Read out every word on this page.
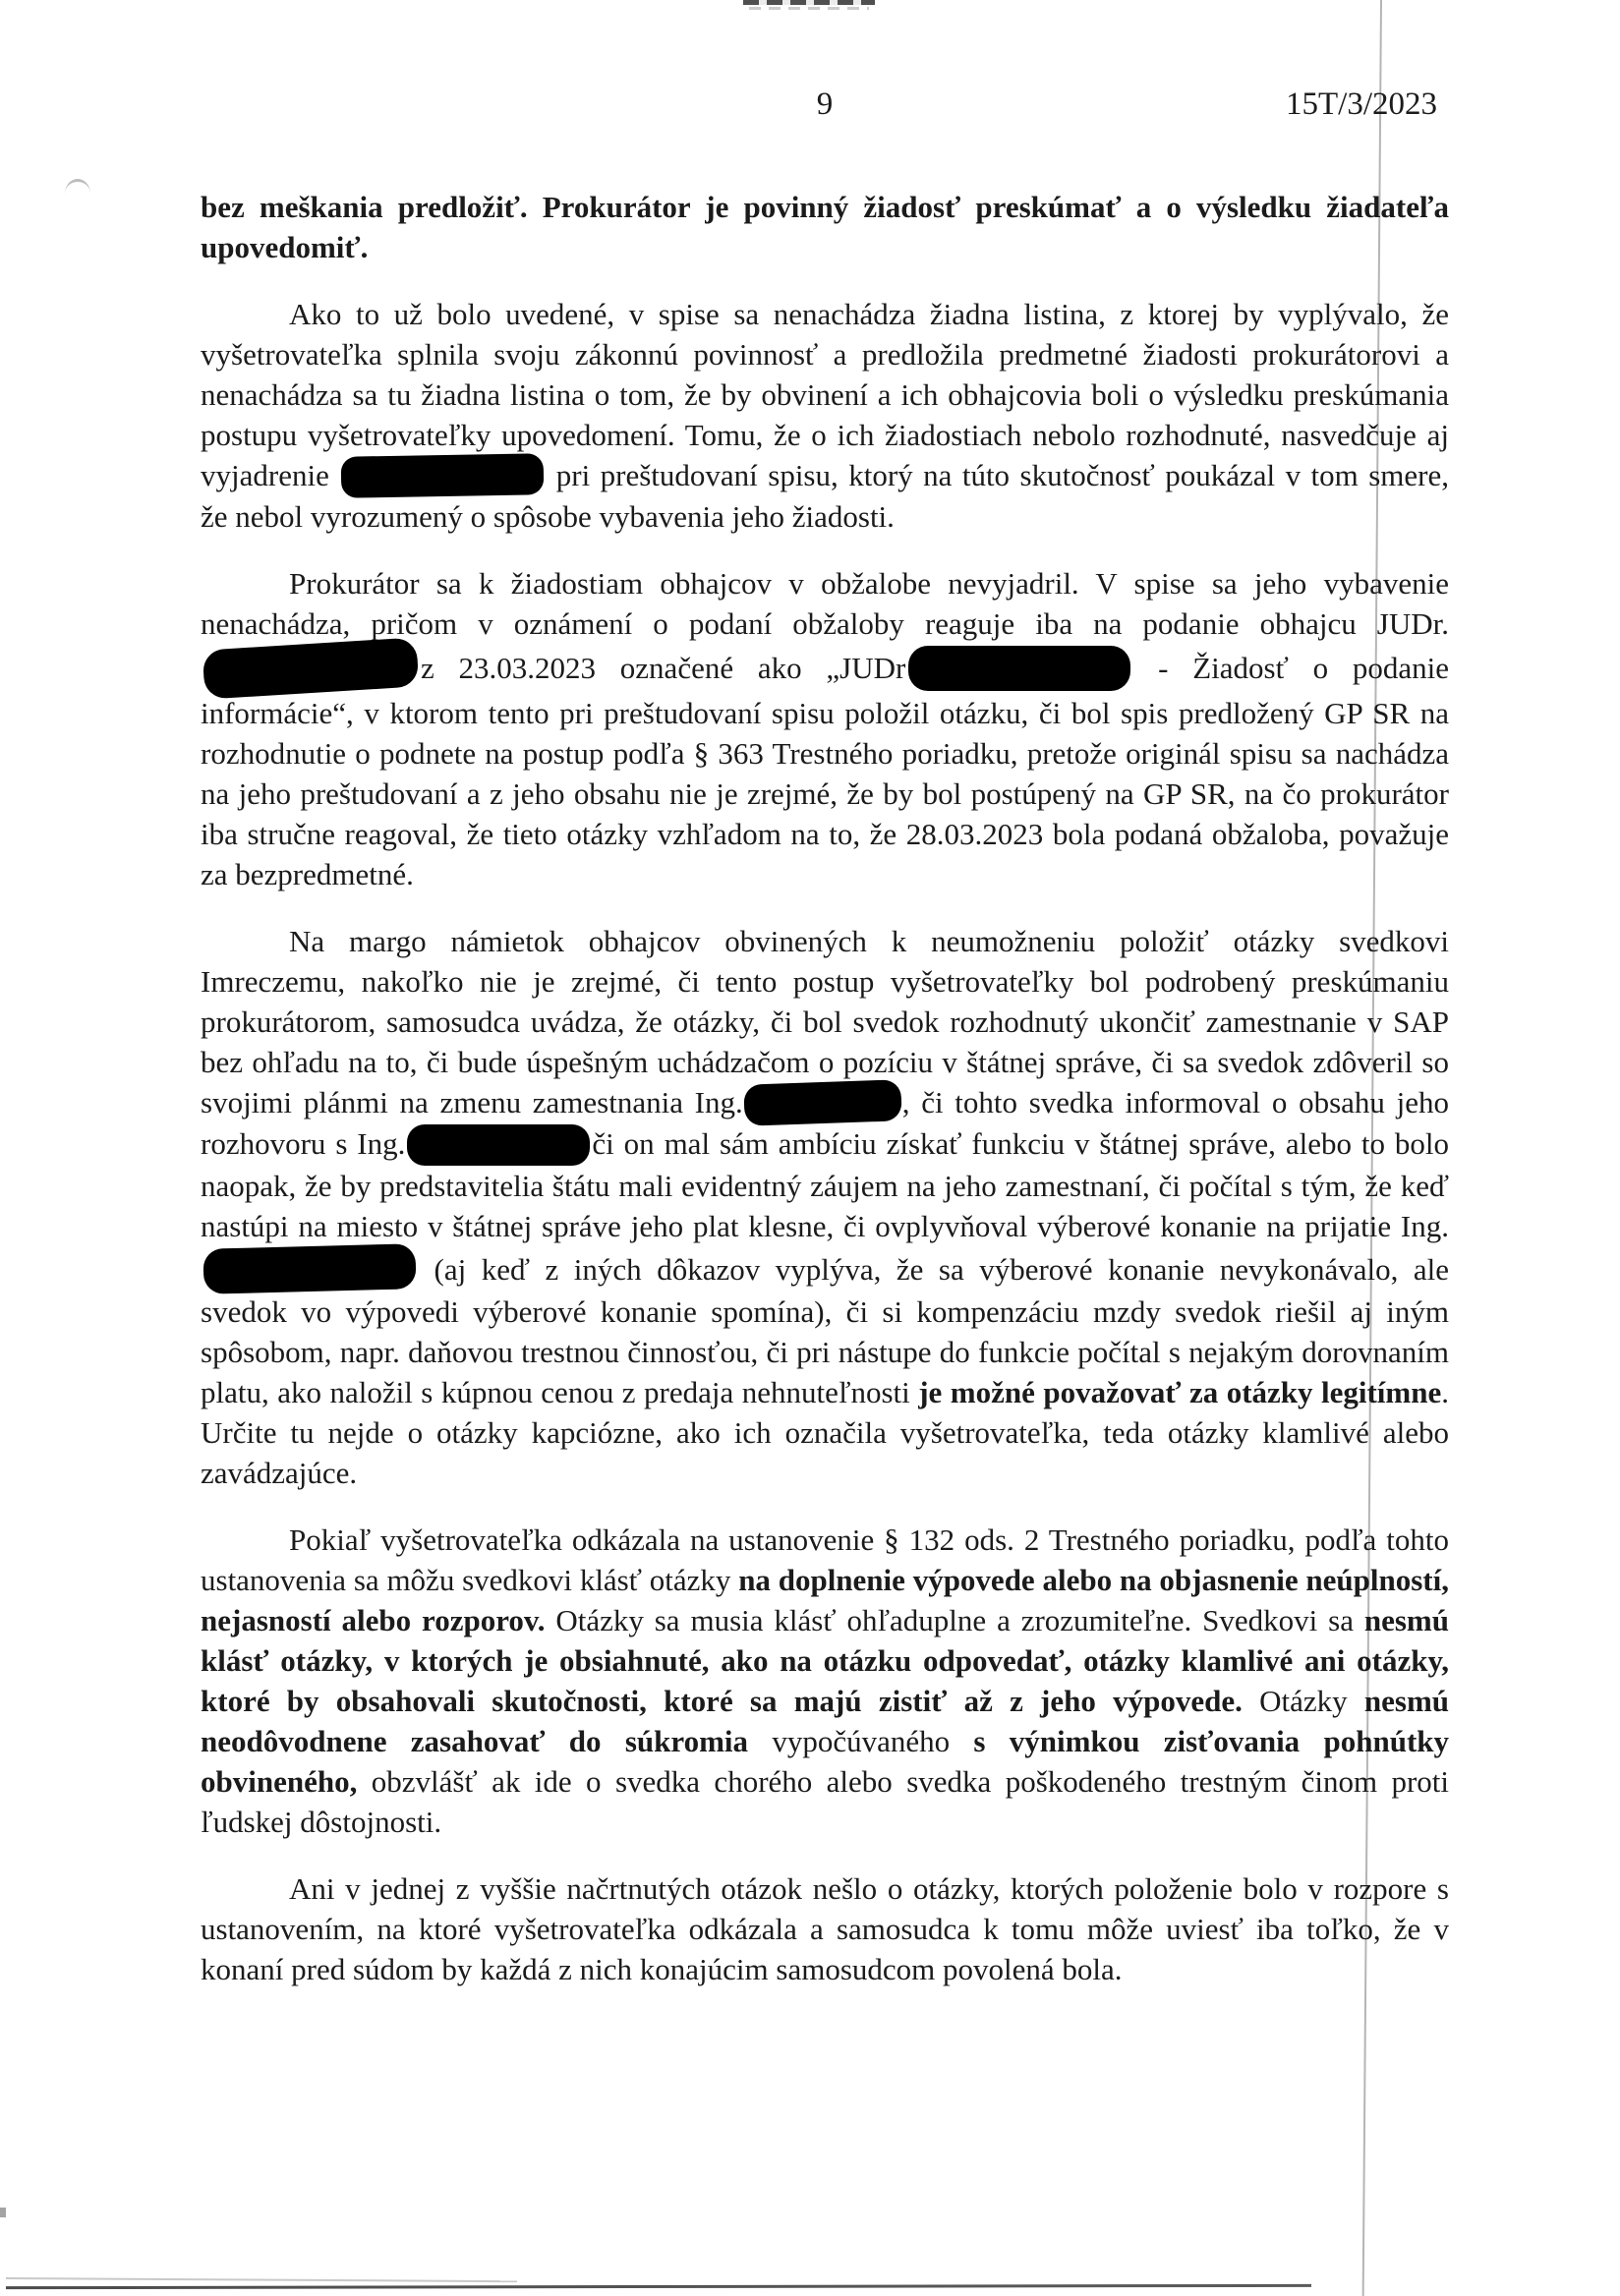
9	15T/3/2023

bez meškania predložiť. Prokurátor je povinný žiadosť preskúmať a o výsledku žiadateľa upovedomiť.

Ako to už bolo uvedené, v spise sa nenachádza žiadna listina, z ktorej by vyplývalo, že vyšetrovateľka splnila svoju zákonnú povinnosť a predložila predmetné žiadosti prokurátorovi a nenachádza sa tu žiadna listina o tom, že by obvinení a ich obhajcovia boli o výsledku preskúmania postupu vyšetrovateľky upovedomení. Tomu, že o ich žiadostiach nebolo rozhodnuté, nasvedčuje aj vyjadrenie	pri preštudovaní spisu, ktorý na túto skutočnosť poukázal v tom smere, že nebol vyrozumený o spôsobe vybavenia jeho žiadosti.

Prokurátor sa k žiadostiam obhajcov v obžalobe nevyjadril. V spise sa jeho vybavenie nenachádza, pričom v oznámení o podaní obžaloby reaguje iba na podanie obhajcu JUDr.z 23.03.2023 označené ako „JUDr	- Žiadosť o podanie informácie“, v ktorom tento pri preštudovaní spisu položil otázku, či bol spis predložený GP SR na rozhodnutie o podnete na postup podľa § 363 Trestného poriadku, pretože originál spisu sa nachádza na jeho preštudovaní a z jeho obsahu nie je zrejmé, že by bol postúpený na GP SR, na čo prokurátor iba stručne reagoval, že tieto otázky vzhľadom na to, že 28.03.2023 bola podaná obžaloba, považuje za bezpredmetné.

Na margo námietok obhajcov obvinených k neumožneniu položiť otázky svedkovi Imreczemu, nakoľko nie je zrejmé, či tento postup vyšetrovateľky bol podrobený preskúmaniu prokurátorom, samosudca uvádza, že otázky, či bol svedok rozhodnutý ukončiť zamestnanie v SAP bez ohľadu na to, či bude úspešným uchádzačom o pozíciu v štátnej správe, či sa svedok zdôveril so svojimi plánmi na zmenu zamestnania Ing.	, či tohto svedka informoval o obsahu jeho rozhovoru s Ing.	či on mal sám ambíciu získať funkciu v štátnej správe, alebo to bolo naopak, že by predstavitelia štátu mali evidentný záujem na jeho zamestnaní, či počítal s tým, že keď nastúpi na miesto v štátnej správe jeho plat klesne, či ovplyvňoval výberové konanie na prijatie Ing.  (aj keď z iných dôkazov vyplýva, že sa výberové konanie nevykonávalo, ale svedok vo výpovedi výberové konanie spomína), či si kompenzáciu mzdy svedok riešil aj iným spôsobom, napr. daňovou trestnou činnosťou, či pri nástupe do funkcie počítal s nejakým dorovnaním platu, ako naložil s kúpnou cenou z predaja nehnuteľnosti je možné považovať za otázky legitímne. Určite tu nejde o otázky kapciózne, ako ich označila vyšetrovateľka, teda otázky klamlivé alebo zavádzajúce.

Pokiaľ vyšetrovateľka odkázala na ustanovenie § 132 ods. 2 Trestného poriadku, podľa tohto ustanovenia sa môžu svedkovi klásť otázky na doplnenie výpovede alebo na objasnenie neúplností, nejasností alebo rozporov. Otázky sa musia klásť ohľaduplne a zrozumiteľne. Svedkovi sa nesmú klásť otázky, v ktorých je obsiahnuté, ako na otázku odpovedať, otázky klamlivé ani otázky, ktoré by obsahovali skutočnosti, ktoré sa majú zistiť až z jeho výpovede. Otázky nesmú neodôvodnene zasahovať do súkromia vypočúvaného s výnimkou zisťovania pohnútky obvineného, obzvlášť ak ide o svedka chorého alebo svedka poškodeného trestným činom proti ľudskej dôstojnosti.

Ani v jednej z vyššie načrtnutých otázok nešlo o otázky, ktorých položenie bolo v rozpore s ustanovením, na ktoré vyšetrovateľka odkázala a samosudca k tomu môže uviesť iba toľko, že v konaní pred súdom by každá z nich konajúcim samosudcom povolená bola.
